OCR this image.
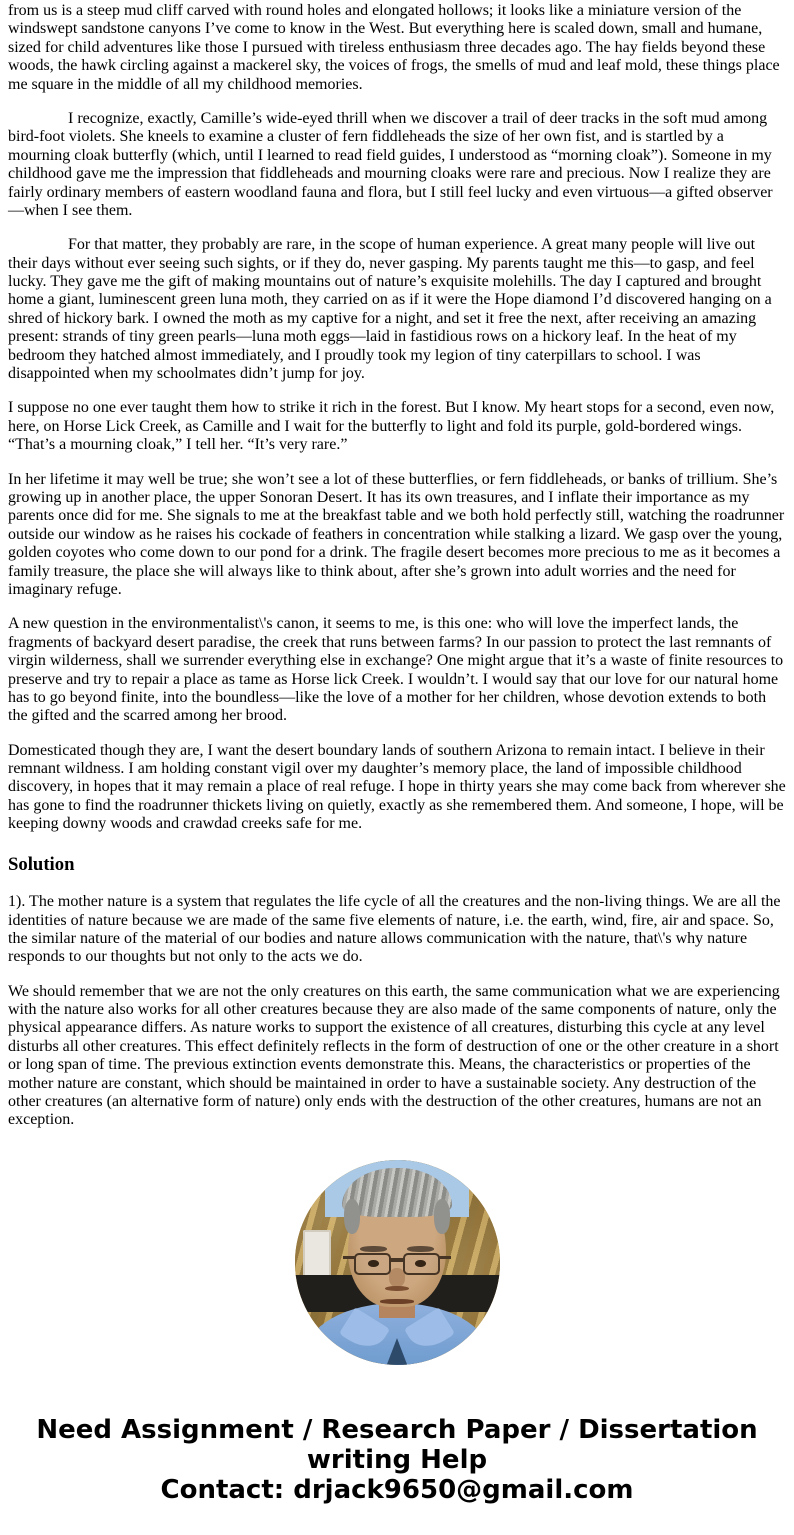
from us is a steep mud cliff carved with round holes and elongated hollows; it looks like a miniature version of the windswept sandstone canyons I’ve come to know in the West. But everything here is scaled down, small and humane, sized for child adventures like those I pursued with tireless enthusiasm three decades ago. The hay fields beyond these woods, the hawk circling against a mackerel sky, the voices of frogs, the smells of mud and leaf mold, these things place me square in the middle of all my childhood memories.

I recognize, exactly, Camille’s wide-eyed thrill when we discover a trail of deer tracks in the soft mud among bird-foot violets. She kneels to examine a cluster of fern fiddleheads the size of her own fist, and is startled by a mourning cloak butterfly (which, until I learned to read field guides, I understood as “morning cloak”). Someone in my childhood gave me the impression that fiddleheads and mourning cloaks were rare and precious. Now I realize they are fairly ordinary members of eastern woodland fauna and flora, but I still feel lucky and even virtuous—a gifted observer—when I see them.

For that matter, they probably are rare, in the scope of human experience. A great many people will live out their days without ever seeing such sights, or if they do, never gasping. My parents taught me this—to gasp, and feel lucky. They gave me the gift of making mountains out of nature’s exquisite molehills. The day I captured and brought home a giant, luminescent green luna moth, they carried on as if it were the Hope diamond I’d discovered hanging on a shred of hickory bark. I owned the moth as my captive for a night, and set it free the next, after receiving an amazing present: strands of tiny green pearls—luna moth eggs—laid in fastidious rows on a hickory leaf. In the heat of my bedroom they hatched almost immediately, and I proudly took my legion of tiny caterpillars to school. I was disappointed when my schoolmates didn’t jump for joy.

I suppose no one ever taught them how to strike it rich in the forest. But I know. My heart stops for a second, even now, here, on Horse Lick Creek, as Camille and I wait for the butterfly to light and fold its purple, gold-bordered wings. “That’s a mourning cloak,” I tell her. “It’s very rare.”

In her lifetime it may well be true; she won’t see a lot of these butterflies, or fern fiddleheads, or banks of trillium. She’s growing up in another place, the upper Sonoran Desert. It has its own treasures, and I inflate their importance as my parents once did for me. She signals to me at the breakfast table and we both hold perfectly still, watching the roadrunner outside our window as he raises his cockade of feathers in concentration while stalking a lizard. We gasp over the young, golden coyotes who come down to our pond for a drink. The fragile desert becomes more precious to me as it becomes a family treasure, the place she will always like to think about, after she’s grown into adult worries and the need for imaginary refuge.

A new question in the environmentalist\'s canon, it seems to me, is this one: who will love the imperfect lands, the fragments of backyard desert paradise, the creek that runs between farms? In our passion to protect the last remnants of virgin wilderness, shall we surrender everything else in exchange? One might argue that it’s a waste of finite resources to preserve and try to repair a place as tame as Horse lick Creek. I wouldn’t. I would say that our love for our natural home has to go beyond finite, into the boundless—like the love of a mother for her children, whose devotion extends to both the gifted and the scarred among her brood.

Domesticated though they are, I want the desert boundary lands of southern Arizona to remain intact. I believe in their remnant wildness. I am holding constant vigil over my daughter’s memory place, the land of impossible childhood discovery, in hopes that it may remain a place of real refuge. I hope in thirty years she may come back from wherever she has gone to find the roadrunner thickets living on quietly, exactly as she remembered them. And someone, I hope, will be keeping downy woods and crawdad creeks safe for me.

Solution

1). The mother nature is a system that regulates the life cycle of all the creatures and the non-living things. We are all the identities of nature because we are made of the same five elements of nature, i.e. the earth, wind, fire, air and space. So, the similar nature of the material of our bodies and nature allows communication with the nature, that\'s why nature responds to our thoughts but not only to the acts we do.

We should remember that we are not the only creatures on this earth, the same communication what we are experiencing with the nature also works for all other creatures because they are also made of the same components of nature, only the physical appearance differs. As nature works to support the existence of all creatures, disturbing this cycle at any level disturbs all other creatures. This effect definitely reflects in the form of destruction of one or the other creature in a short or long span of time. The previous extinction events demonstrate this. Means, the characteristics or properties of the mother nature are constant, which should be maintained in order to have a sustainable society. Any destruction of the other creatures (an alternative form of nature) only ends with the destruction of the other creatures, humans are not an exception.

Need Assignment / Research Paper / Dissertation writing Help
Contact: drjack9650@gmail.com
